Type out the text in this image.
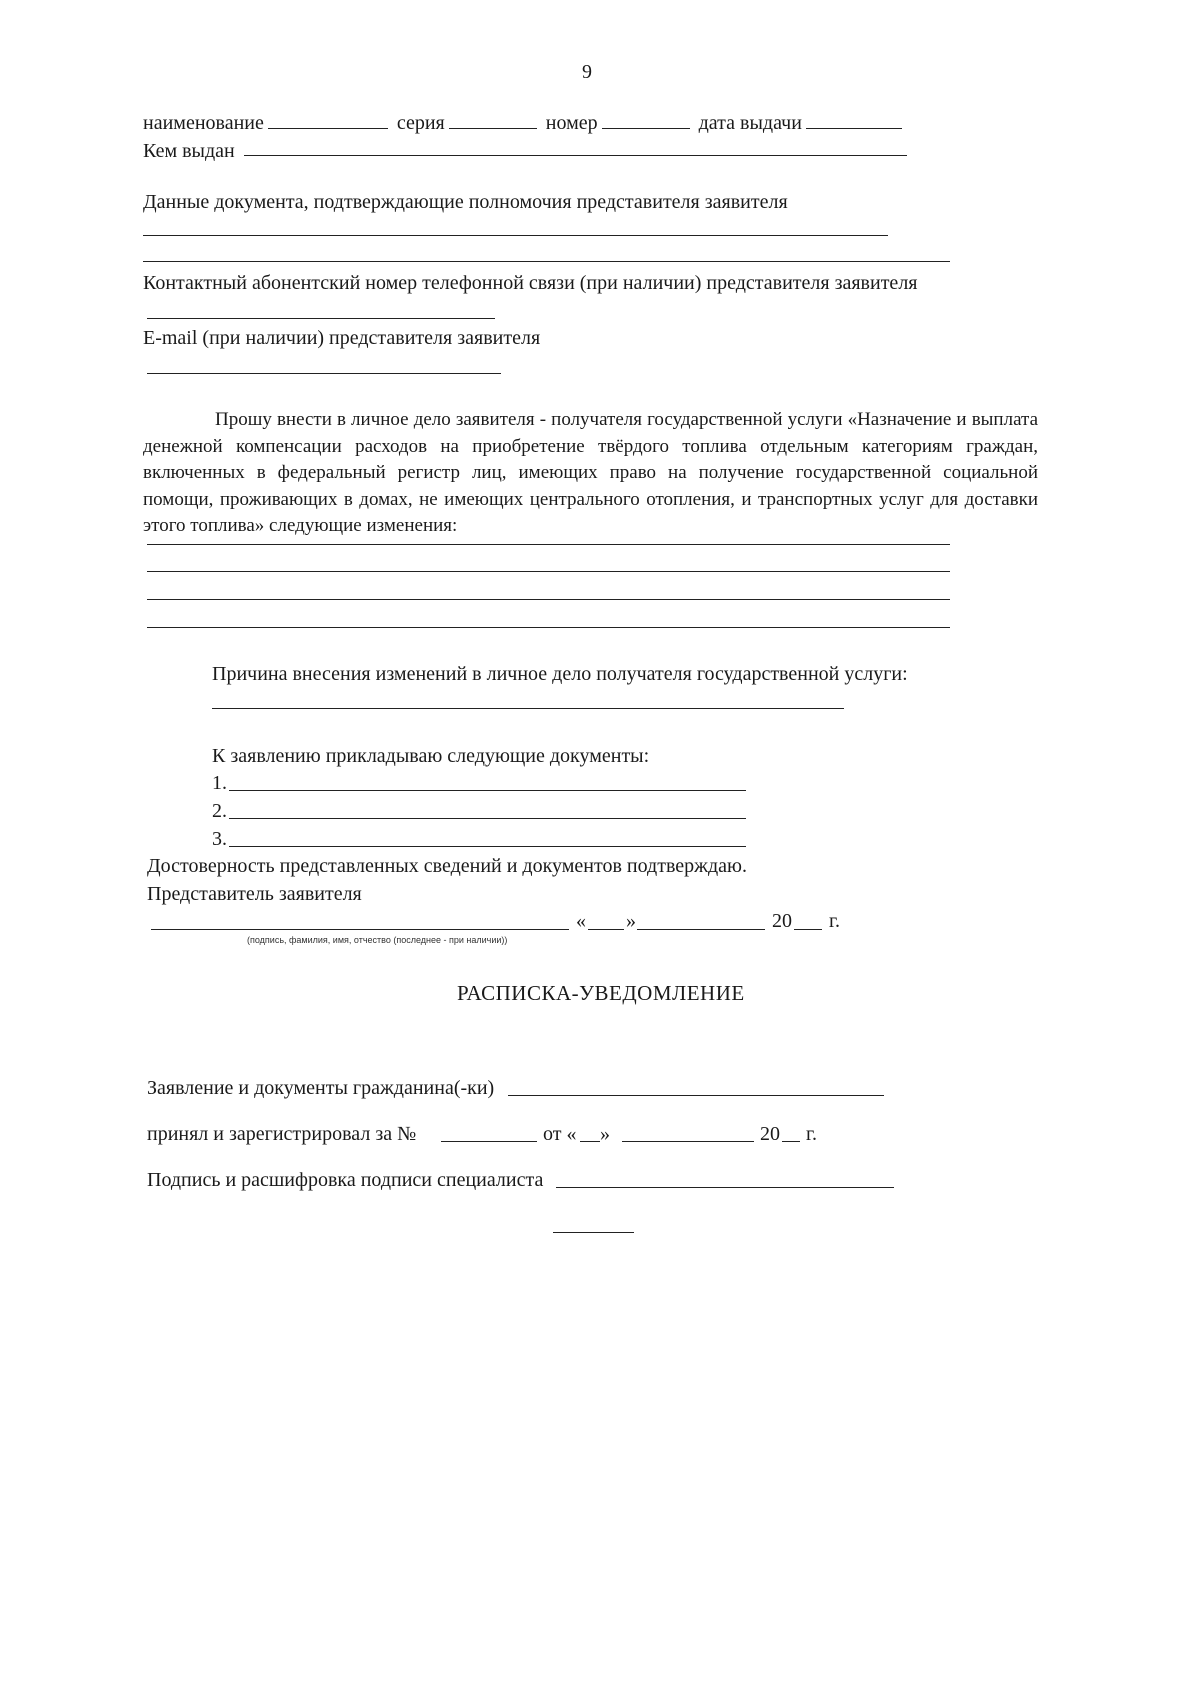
9
наименование	серия	номер	дата выдачи
Кем выдан
Данные документа, подтверждающие полномочия представителя заявителя
Контактный абонентский номер телефонной связи (при наличии) представителя заявителя
E-mail (при наличии) представителя заявителя
Прошу внести в личное дело заявителя - получателя государственной услуги «Назначение и выплата денежной компенсации расходов на приобретение твёрдого топлива отдельным категориям граждан, включенных в федеральный регистр лиц, имеющих право на получение государственной социальной помощи, проживающих в домах, не имеющих центрального отопления, и транспортных услуг для доставки этого топлива» следующие изменения:
Причина внесения изменений в личное дело получателя государственной услуги:
К заявлению прикладываю следующие документы:
1.
2.
3.
Достоверность представленных сведений и документов подтверждаю.
Представитель заявителя
« »	20 г.
(подпись, фамилия, имя, отчество (последнее - при наличии))
РАСПИСКА-УВЕДОМЛЕНИЕ
Заявление и документы гражданина(-ки)
принял и зарегистрировал за №	от « »	20 г.
Подпись и расшифровка подписи специалиста
